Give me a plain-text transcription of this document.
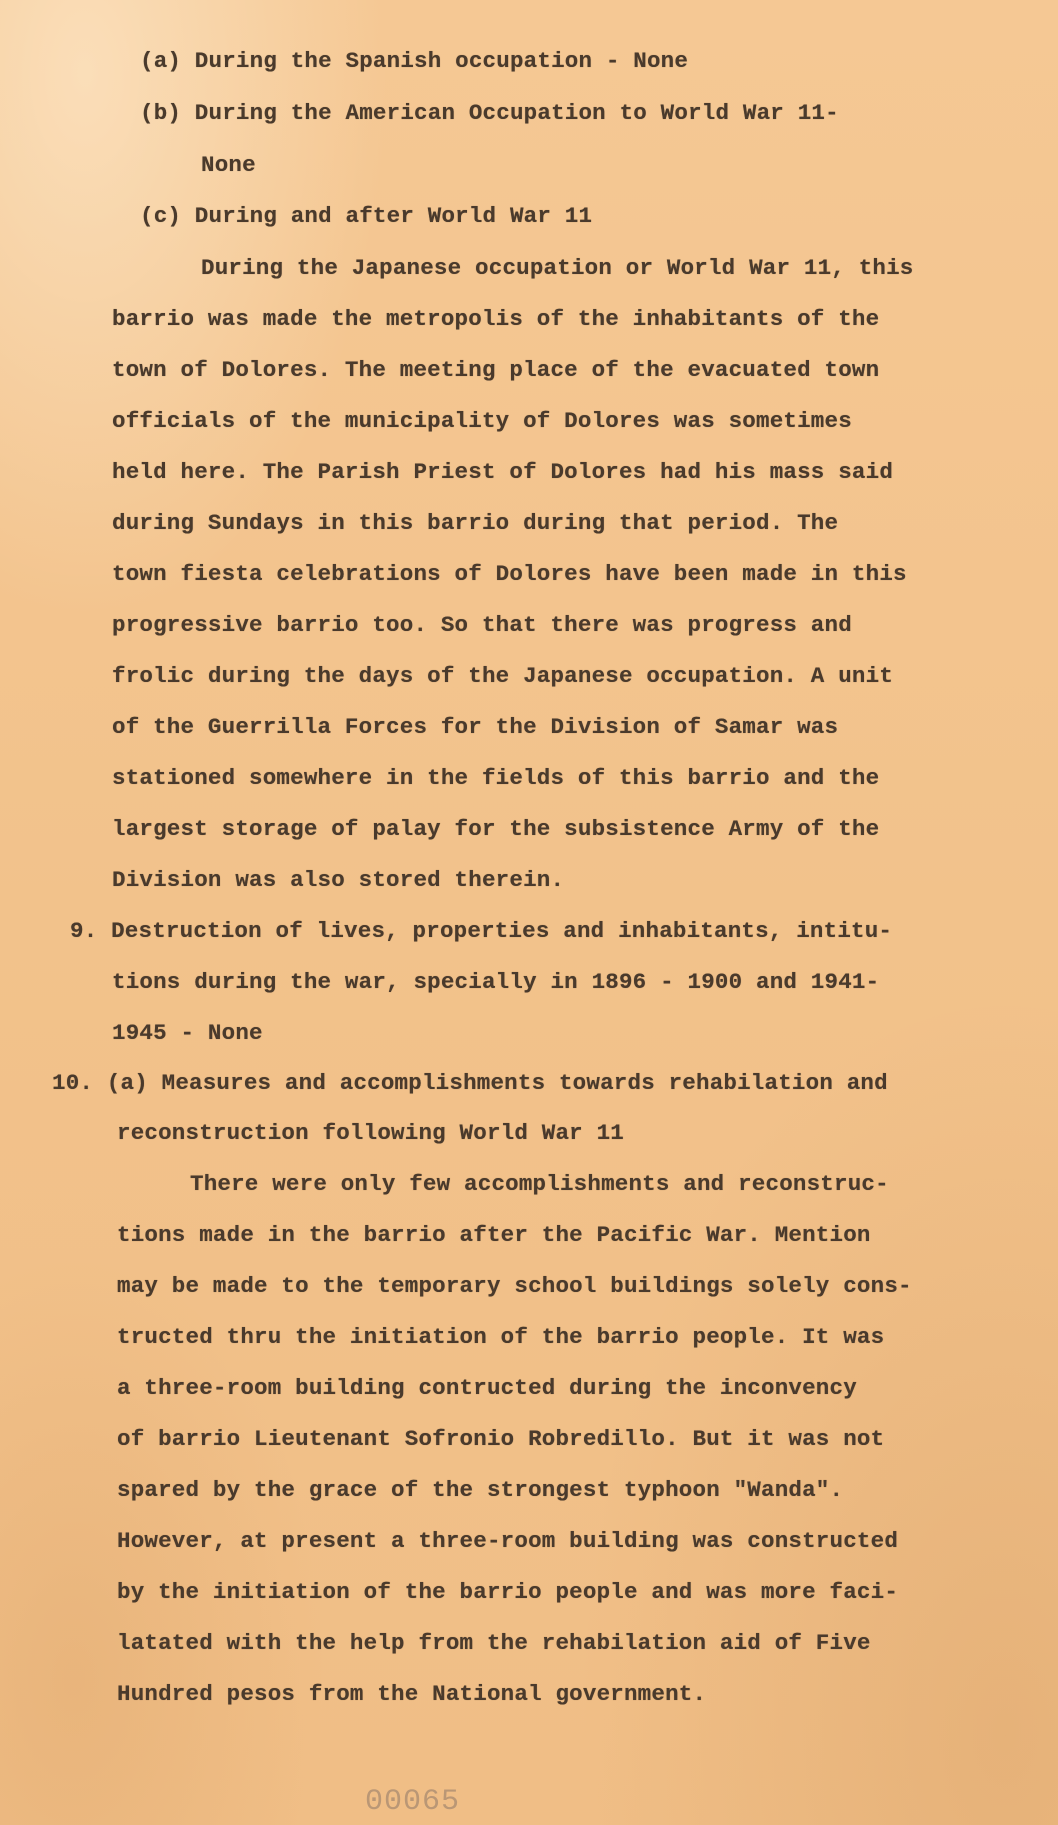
(a) During the Spanish occupation - None
(b) During the American Occupation to World War 11-
None
(c) During and after World War 11
During the Japanese occupation or World War 11, this
barrio was made the metropolis of the inhabitants of the
town of Dolores. The meeting place of the evacuated town
officials of the municipality of Dolores was sometimes
held here. The Parish Priest of Dolores had his mass said
during Sundays in this barrio during that period. The
town fiesta celebrations of Dolores have been made in this
progressive barrio too. So that there was progress and
frolic during the days of the Japanese occupation. A unit
of the Guerrilla Forces for the Division of Samar was
stationed somewhere in the fields of this barrio and the
largest storage of palay for the subsistence Army of the
Division was also stored therein.
9. Destruction of lives, properties and inhabitants, intitu-
tions during the war, specially in 1896 - 1900 and 1941-
1945 - None
10. (a) Measures and accomplishments towards rehabilation and
reconstruction following World War 11
There were only few accomplishments and reconstruc-
tions made in the barrio after the Pacific War. Mention
may be made to the temporary school buildings solely cons-
tructed thru the initiation of the barrio people. It was
a three-room building contructed during the inconvency
of barrio Lieutenant Sofronio Robredillo. But it was not
spared by the grace of the strongest typhoon "Wanda".
However, at present a three-room building was constructed
by the initiation of the barrio people and was more faci-
latated with the help from the rehabilation aid of Five
Hundred pesos from the National government.
00065
